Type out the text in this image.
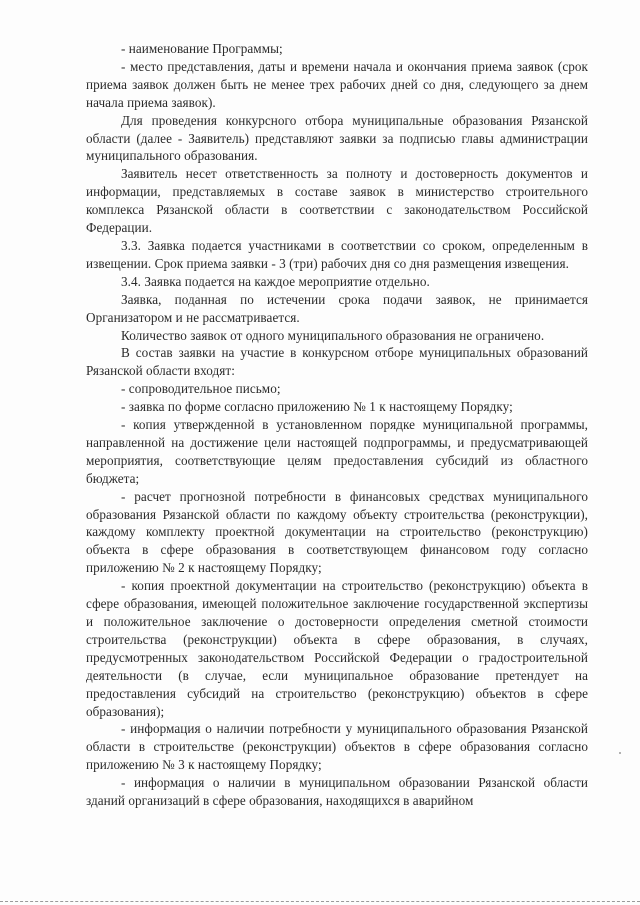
- наименование Программы;

- место представления, даты и времени начала и окончания приема заявок (срок приема заявок должен быть не менее трех рабочих дней со дня, следующего за днем начала приема заявок).

Для проведения конкурсного отбора муниципальные образования Рязанской области (далее - Заявитель) представляют заявки за подписью главы администрации муниципального образования.

Заявитель несет ответственность за полноту и достоверность документов и информации, представляемых в составе заявок в министерство строительного комплекса Рязанской области в соответствии с законодательством Российской Федерации.

3.3. Заявка подается участниками в соответствии со сроком, определенным в извещении. Срок приема заявки - 3 (три) рабочих дня со дня размещения извещения.

3.4. Заявка подается на каждое мероприятие отдельно.

Заявка, поданная по истечении срока подачи заявок, не принимается Организатором и не рассматривается.

Количество заявок от одного муниципального образования не ограничено.

В состав заявки на участие в конкурсном отборе муниципальных образований Рязанской области входят:

- сопроводительное письмо;

- заявка по форме согласно приложению № 1 к настоящему Порядку;

- копия утвержденной в установленном порядке муниципальной программы, направленной на достижение цели настоящей подпрограммы, и предусматривающей мероприятия, соответствующие целям предоставления субсидий из областного бюджета;

- расчет прогнозной потребности в финансовых средствах муниципального образования Рязанской области по каждому объекту строительства (реконструкции), каждому комплекту проектной документации на строительство (реконструкцию) объекта в сфере образования в соответствующем финансовом году согласно приложению № 2 к настоящему Порядку;

- копия проектной документации на строительство (реконструкцию) объекта в сфере образования, имеющей положительное заключение государственной экспертизы и положительное заключение о достоверности определения сметной стоимости строительства (реконструкции) объекта в сфере образования, в случаях, предусмотренных законодательством Российской Федерации о градостроительной деятельности (в случае, если муниципальное образование претендует на предоставления субсидий на строительство (реконструкцию) объектов в сфере образования);

- информация о наличии потребности у муниципального образования Рязанской области в строительстве (реконструкции) объектов в сфере образования согласно приложению № 3 к настоящему Порядку;

- информация о наличии в муниципальном образовании Рязанской области зданий организаций в сфере образования, находящихся в аварийном
